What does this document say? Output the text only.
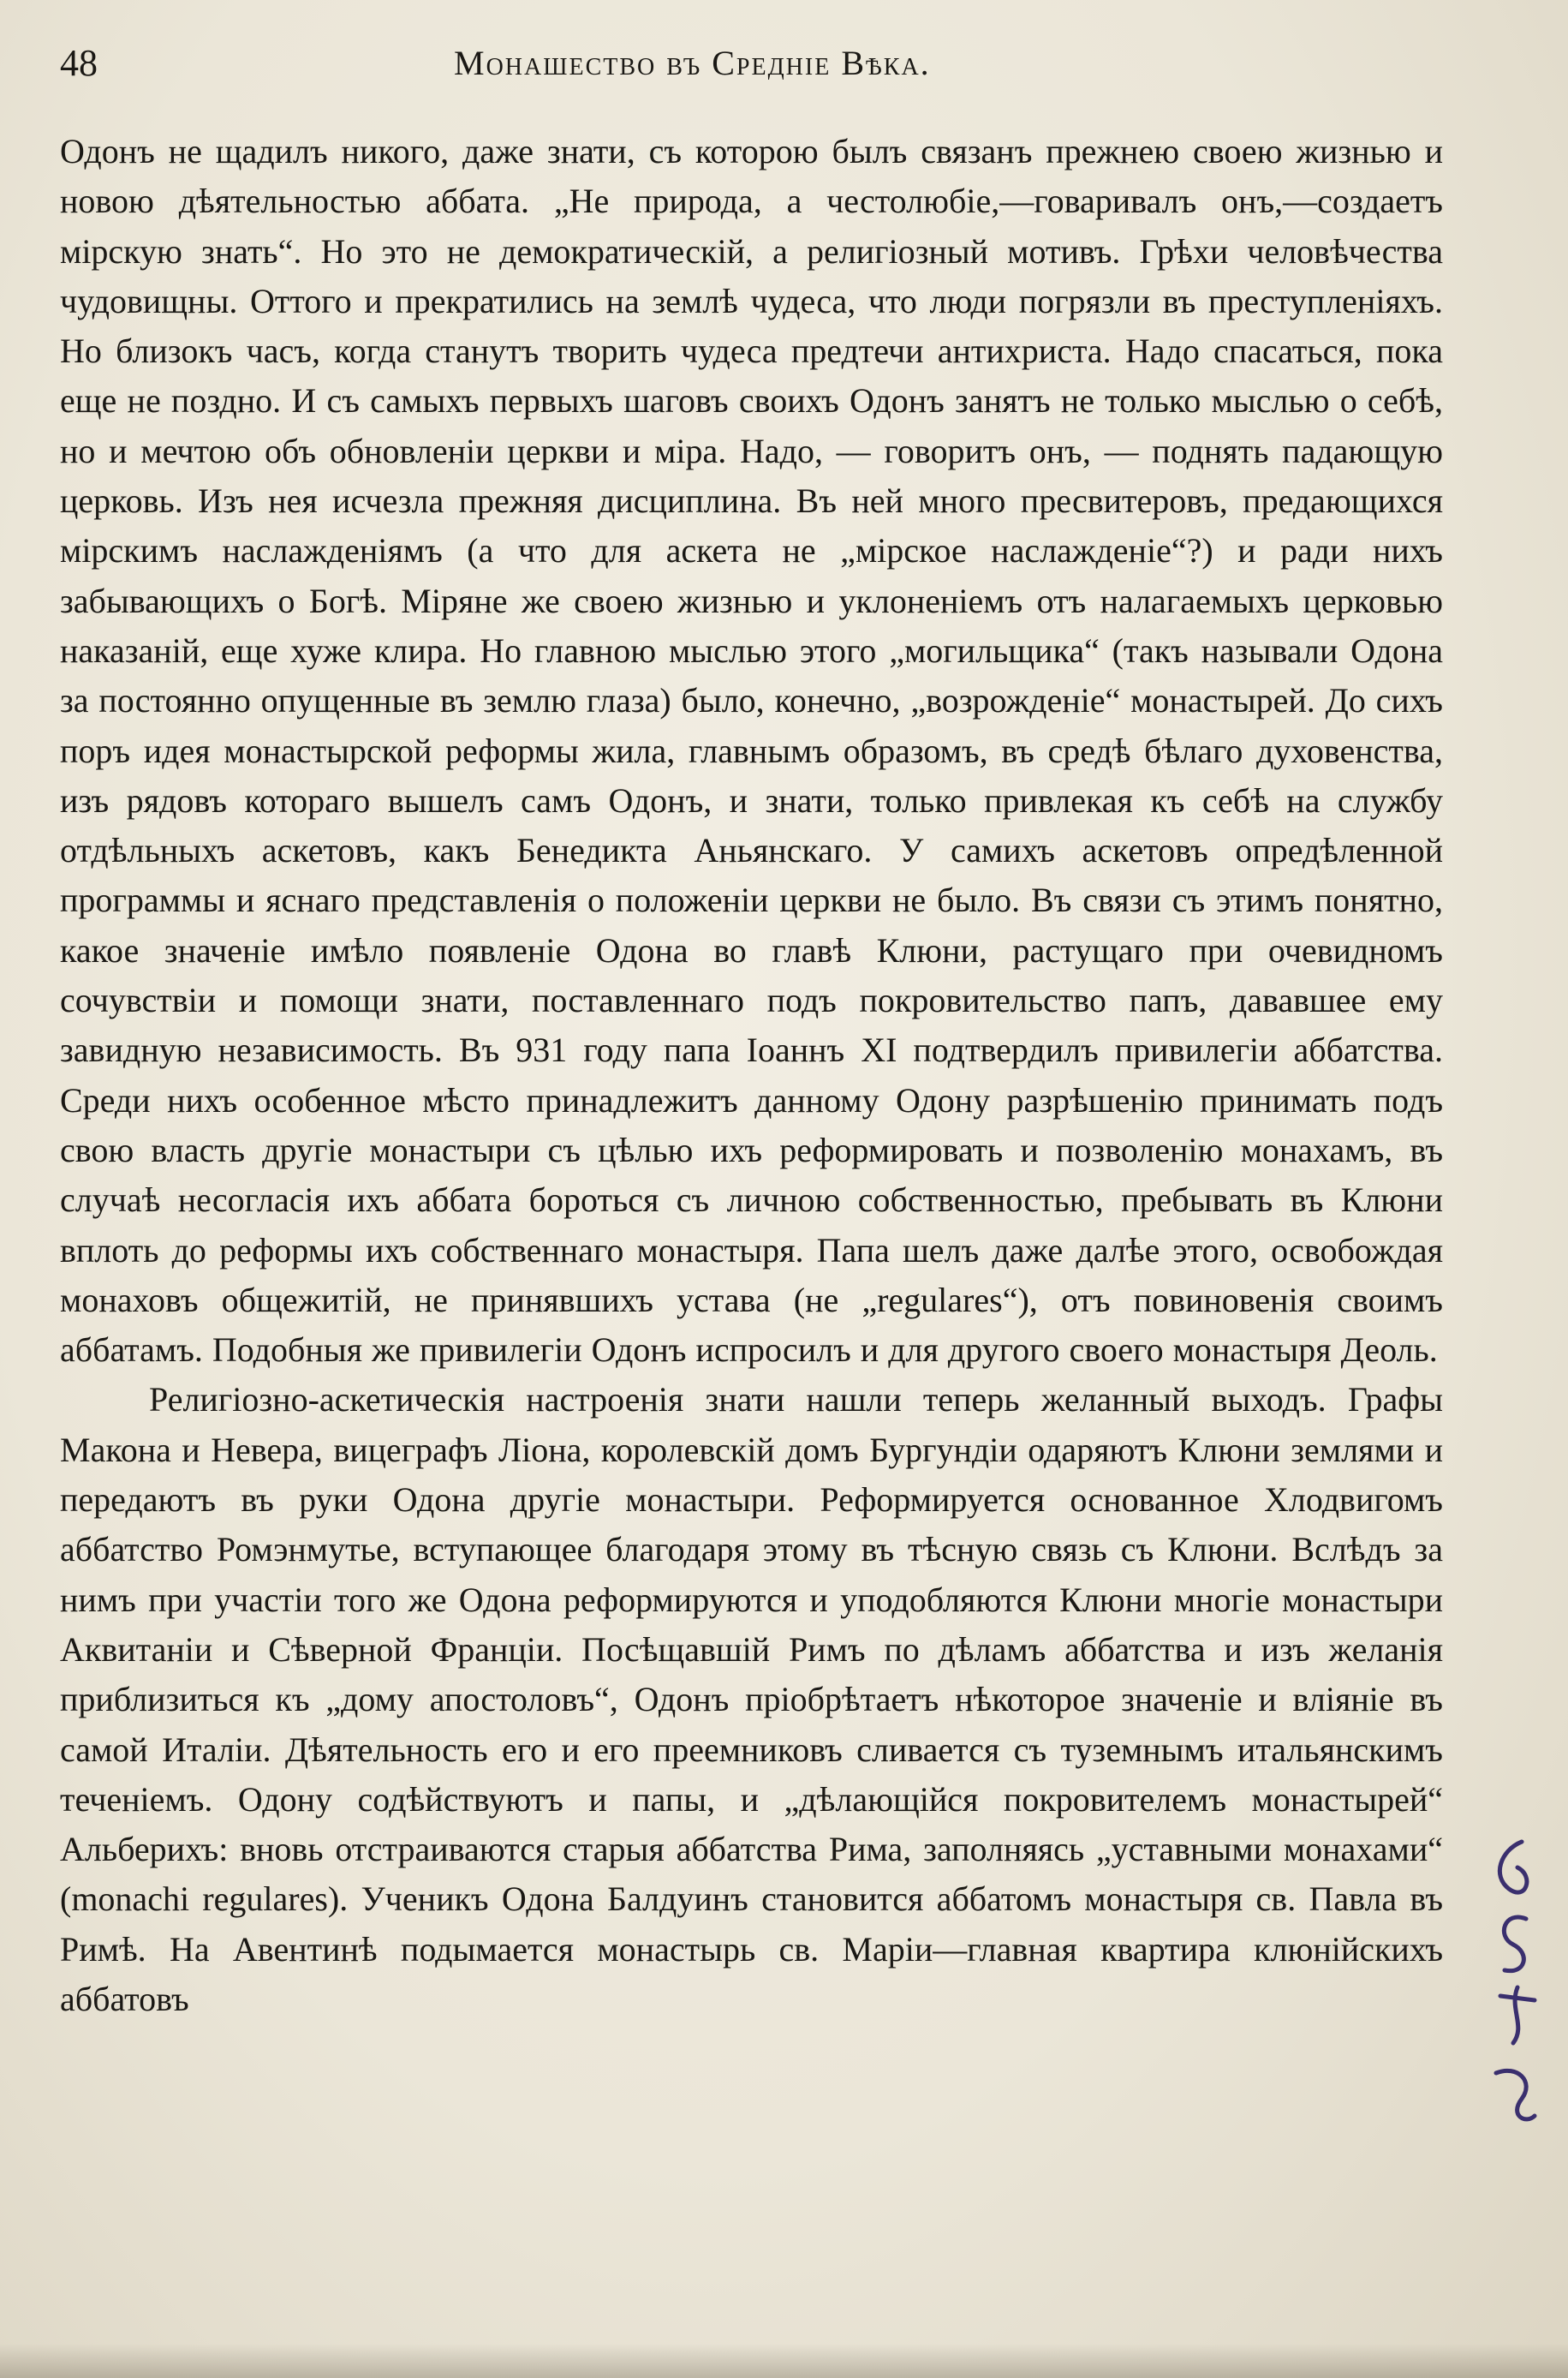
48	Монашество въ Средніе Вѣка.

Одонъ не щадилъ никого, даже знати, съ которою былъ связанъ прежнею своею жизнью и новою дѣятельностью аббата. „Не природа, а честолюбіе,—говаривалъ онъ,—создаетъ мірскую знать“. Но это не демократическій, а религіозный мотивъ. Грѣхи человѣчества чудовищны. Оттого и прекратились на землѣ чудеса, что люди погрязли въ преступленіяхъ. Но близокъ часъ, когда станутъ творить чудеса предтечи антихриста. Надо спасаться, пока еще не поздно. И съ самыхъ первыхъ шаговъ своихъ Одонъ занятъ не только мыслью о себѣ, но и мечтою объ обновленіи церкви и міра. Надо, — говоритъ онъ, — поднять падающую церковь. Изъ нея исчезла прежняя дисциплина. Въ ней много пресвитеровъ, предающихся мірскимъ наслажденіямъ (а что для аскета не „мірское наслажденіе“?) и ради нихъ забывающихъ о Богѣ. Міряне же своею жизнью и уклоненіемъ отъ налагаемыхъ церковью наказаній, еще хуже клира. Но главною мыслью этого „могильщика“ (такъ называли Одона за постоянно опущенные въ землю глаза) было, конечно, „возрожденіе“ монастырей. До сихъ поръ идея монастырской реформы жила, главнымъ образомъ, въ средѣ бѣлаго духовенства, изъ рядовъ котораго вышелъ самъ Одонъ, и знати, только привлекая къ себѣ на службу отдѣльныхъ аскетовъ, какъ Бенедикта Аньянскаго. У самихъ аскетовъ опредѣленной программы и яснаго представленія о положеніи церкви не было. Въ связи съ этимъ понятно, какое значеніе имѣло появленіе Одона во главѣ Клюни, растущаго при очевидномъ сочувствіи и помощи знати, поставленнаго подъ покровительство папъ, дававшее ему завидную независимость. Въ 931 году папа Іоаннъ XI подтвердилъ привилегіи аббатства. Среди нихъ особенное мѣсто принадлежитъ данному Одону разрѣшенію принимать подъ свою власть другіе монастыри съ цѣлью ихъ реформировать и позволенію монахамъ, въ случаѣ несогласія ихъ аббата бороться съ личною собственностью, пребывать въ Клюни вплоть до реформы ихъ собственнаго монастыря. Папа шелъ даже далѣе этого, освобождая монаховъ общежитій, не принявшихъ устава (не „regulares“), отъ повиновенія своимъ аббатамъ. Подобныя же привилегіи Одонъ испросилъ и для другого своего монастыря Деоль.

Религіозно-аскетическія настроенія знати нашли теперь желанный выходъ. Графы Макона и Невера, вицеграфъ Ліона, королевскій домъ Бургундіи одаряютъ Клюни землями и передаютъ въ руки Одона другіе монастыри. Реформируется основанное Хлодвигомъ аббатство Ромэнмутье, вступающее благодаря этому въ тѣсную связь съ Клюни. Вслѣдъ за нимъ при участіи того же Одона реформируются и уподобляются Клюни многіе монастыри Аквитаніи и Сѣверной Франціи. Посѣщавшій Римъ по дѣламъ аббатства и изъ желанія приблизиться къ „дому апостоловъ“, Одонъ пріобрѣтаетъ нѣкоторое значеніе и вліяніе въ самой Италіи. Дѣятельность его и его преемниковъ сливается съ туземнымъ итальянскимъ теченіемъ. Одону содѣйствуютъ и папы, и „дѣлающійся покровителемъ монастырей“ Альберихъ: вновь отстраиваются старыя аббатства Рима, заполняясь „уставными монахами“ (monachi regulares). Ученикъ Одона Балдуинъ становится аббатомъ монастыря св. Павла въ Римѣ. На Авентинѣ подымается монастырь св. Маріи—главная квартира клюнійскихъ аббатовъ
